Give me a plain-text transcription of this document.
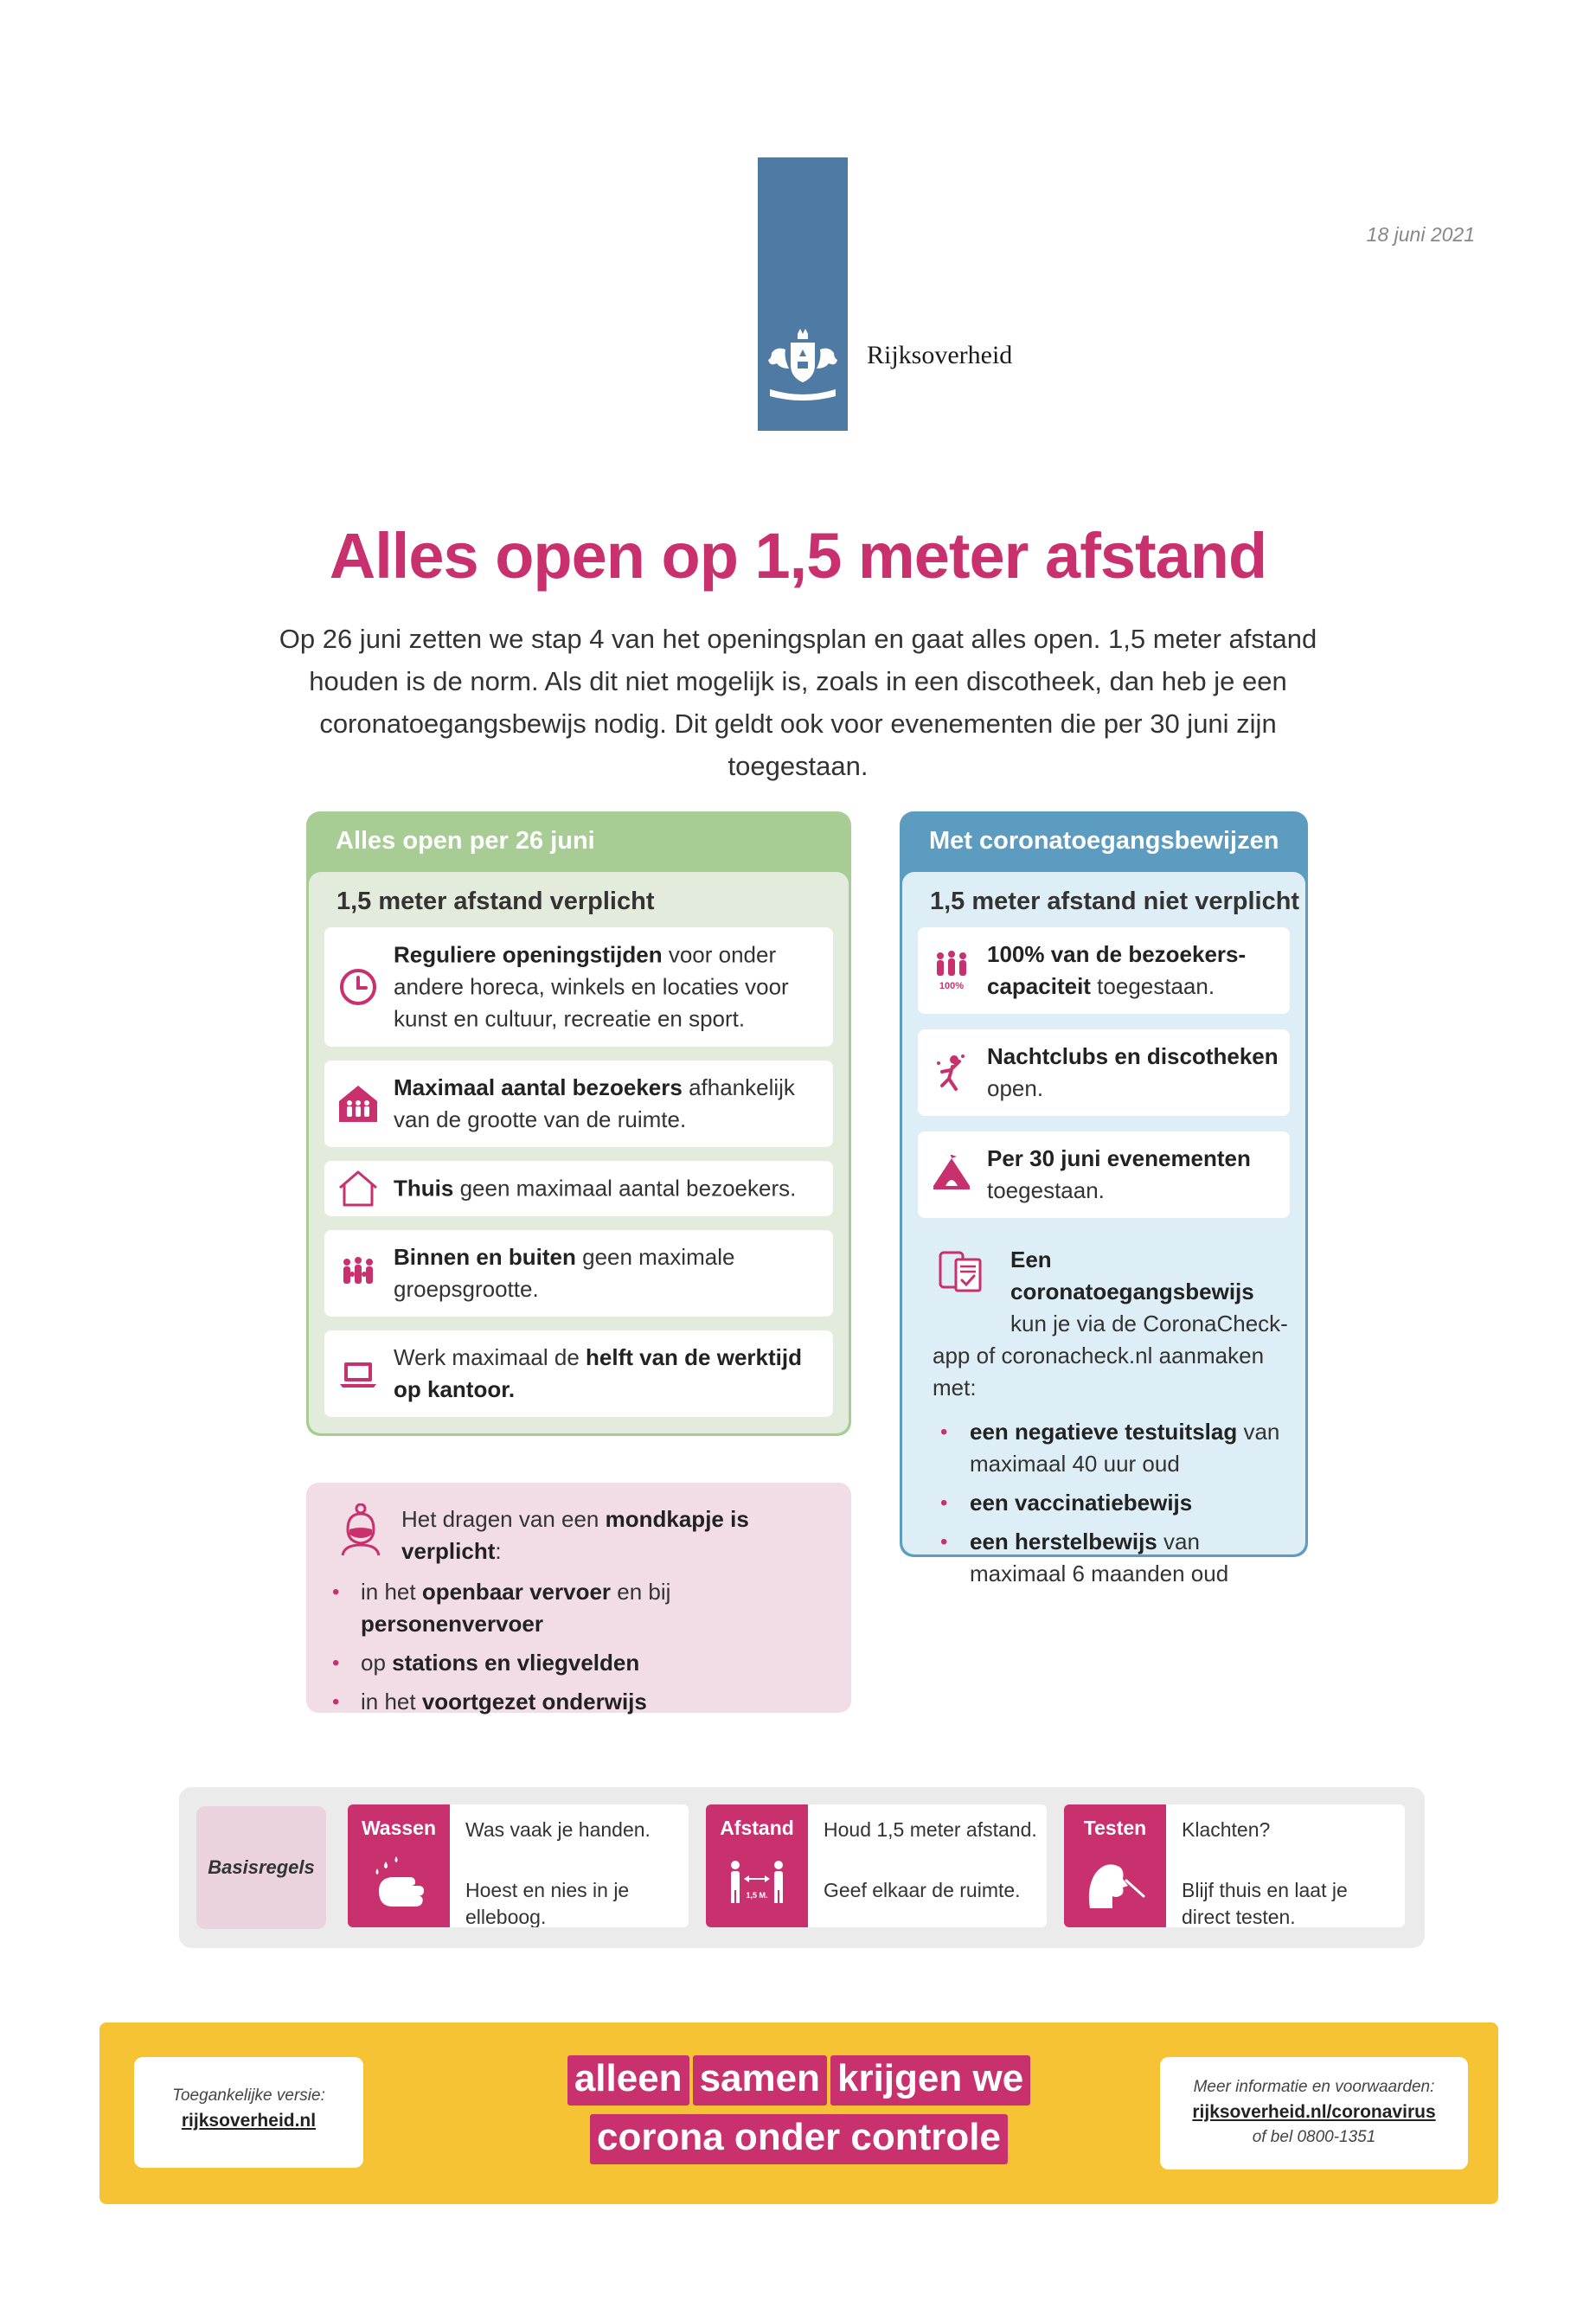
Rijksoverheid
18 juni 2021
Alles open op 1,5 meter afstand
Op 26 juni zetten we stap 4 van het openingsplan en gaat alles open. 1,5 meter afstand houden is de norm. Als dit niet mogelijk is, zoals in een discotheek, dan heb je een coronatoegangsbewijs nodig. Dit geldt ook voor evenementen die per 30 juni zijn toegestaan.
Alles open per 26 juni
1,5 meter afstand verplicht
Reguliere openingstijden voor onder andere horeca, winkels en locaties voor kunst en cultuur, recreatie en sport.
Maximaal aantal bezoekers afhankelijk van de grootte van de ruimte.
Thuis geen maximaal aantal bezoekers.
Binnen en buiten geen maximale groepsgrootte.
Werk maximaal de helft van de werktijd op kantoor.
Met coronatoegangsbewijzen
1,5 meter afstand niet verplicht
100%
100% van de bezoekers-capaciteit toegestaan.
Nachtclubs en discotheken open.
Per 30 juni evenementen toegestaan.
Een coronatoegangsbewijs
kun je via de CoronaCheck-
app of coronacheck.nl aanmaken met:
• een negatieve testuitslag van maximaal 40 uur oud
• een vaccinatiebewijs
• een herstelbewijs van maximaal 6 maanden oud
Het dragen van een mondkapje is verplicht:
• in het openbaar vervoer en bij personenvervoer
• op stations en vliegvelden
• in het voortgezet onderwijs
Basisregels
Wassen	Was vaak je handen.
Hoest en nies in je elleboog.
Afstand
1,5 M.
Houd 1,5 meter afstand.
Geef elkaar de ruimte.
Testen	Klachten?
Blijf thuis en laat je direct testen.
Toegankelijke versie:
rijksoverheid.nl
alleen samen krijgen we
corona onder controle
Meer informatie en voorwaarden:
rijksoverheid.nl/coronavirus
of bel 0800-1351
